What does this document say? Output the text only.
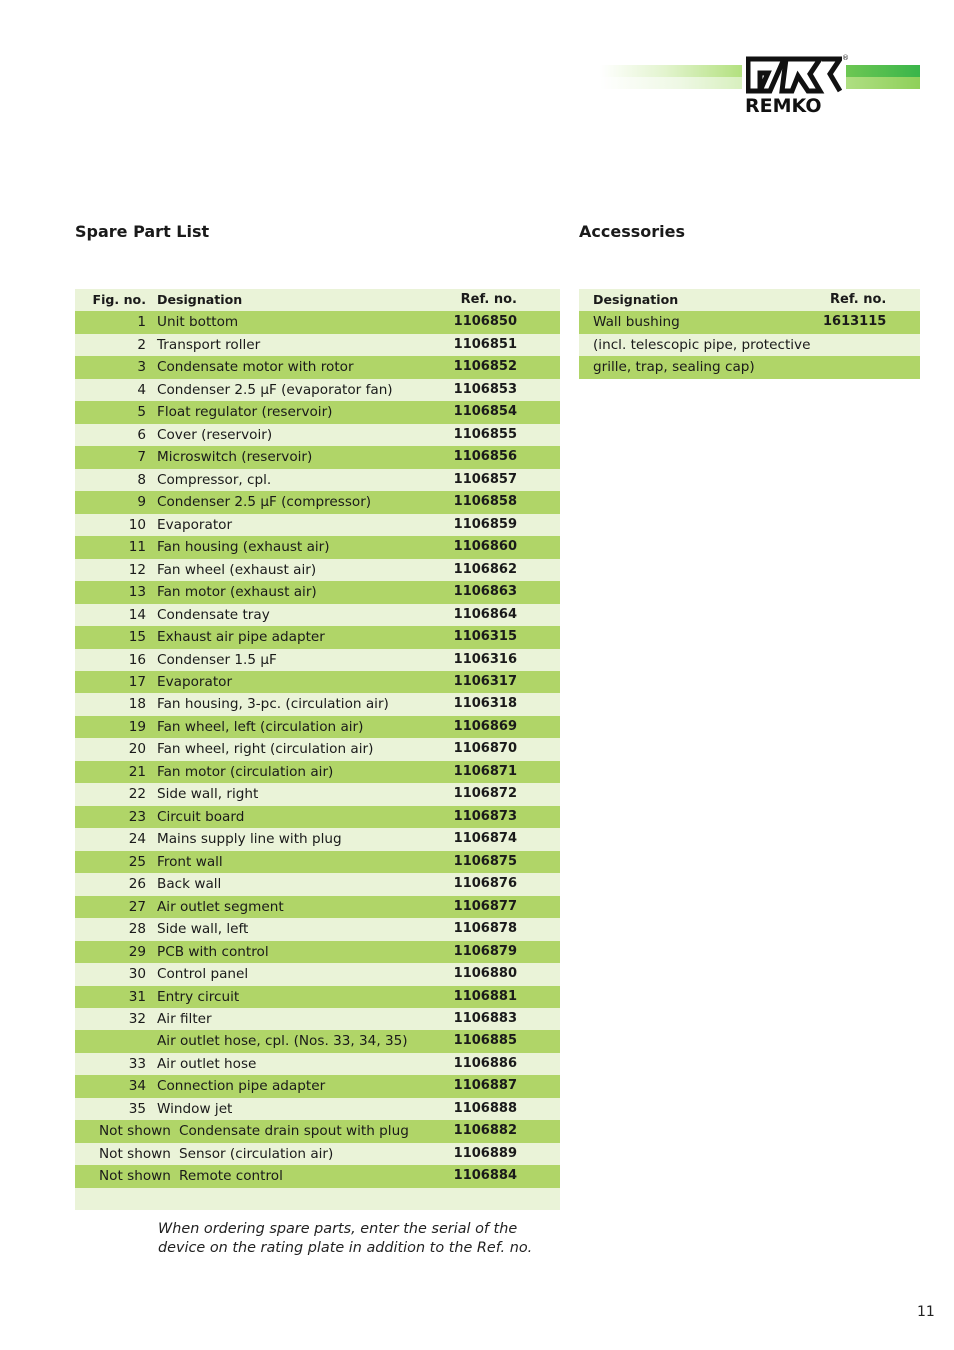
REMKO
®
Spare Part List	Accessories
Fig. no. Designation	Ref. no.
1 Unit bottom	1106850
2 Transport roller	1106851
3 Condensate motor with rotor	1106852
4 Condenser 2.5 µF (evaporator fan)	1106853
5 Float regulator (reservoir)	1106854
6 Cover (reservoir)	1106855
7 Microswitch (reservoir)	1106856
8 Compressor, cpl.	1106857
9 Condenser 2.5 µF (compressor)	1106858
10 Evaporator	1106859
11 Fan housing (exhaust air)	1106860
12 Fan wheel (exhaust air)	1106862
13 Fan motor (exhaust air)	1106863
14 Condensate tray	1106864
15 Exhaust air pipe adapter	1106315
16 Condenser 1.5 µF	1106316
17 Evaporator	1106317
18 Fan housing, 3-pc. (circulation air)	1106318
19 Fan wheel, left (circulation air)	1106869
20 Fan wheel, right (circulation air)	1106870
21 Fan motor (circulation air)	1106871
22 Side wall, right	1106872
23 Circuit board	1106873
24 Mains supply line with plug	1106874
25 Front wall	1106875
26 Back wall	1106876
27 Air outlet segment	1106877
28 Side wall, left	1106878
29 PCB with control	1106879
30 Control panel	1106880
31 Entry circuit	1106881
32 Air filter	1106883
Air outlet hose, cpl. (Nos. 33, 34, 35)	1106885
33 Air outlet hose	1106886
34 Connection pipe adapter	1106887
35 Window jet	1106888
Not shown Condensate drain spout with plug	1106882
Not shown Sensor (circulation air)	1106889
Not shown Remote control	1106884
Designation	Ref. no.
Wall bushing	1613115
(incl. telescopic pipe, protective
grille, trap, sealing cap)
When ordering spare parts, enter the serial of the device on the rating plate in addition to the Ref. no.
11
